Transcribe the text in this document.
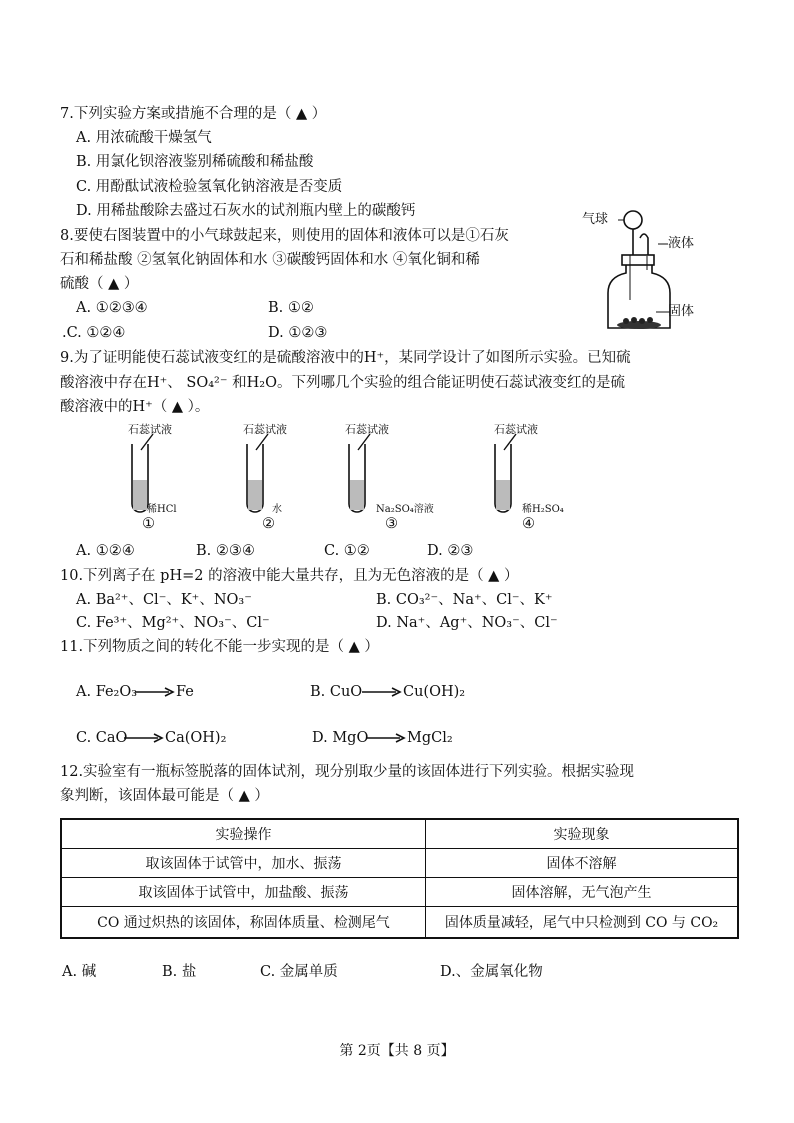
7.下列实验方案或措施不合理的是（ ▲ ）
A. 用浓硫酸干燥氢气
B. 用氯化钡溶液鉴别稀硫酸和稀盐酸
C. 用酚酞试液检验氢氧化钠溶液是否变质
D. 用稀盐酸除去盛过石灰水的试剂瓶内壁上的碳酸钙
8.要使右图装置中的小气球鼓起来，则使用的固体和液体可以是①石灰
石和稀盐酸 ②氢氧化钠固体和水 ③碳酸钙固体和水 ④氧化铜和稀
硫酸（ ▲ ）
A. ①②③④	B. ①②
.C. ①②④	D. ①②③
气球
液体
固体
9.为了证明能使石蕊试液变红的是硫酸溶液中的H⁺，某同学设计了如图所示实验。已知硫
酸溶液中存在H⁺、 SO₄²⁻ 和H₂O。下列哪几个实验的组合能证明使石蕊试液变红的是硫
酸溶液中的H⁺（ ▲ ）。
石蕊试液
稀HCl
①
石蕊试液
水
②
石蕊试液
Na₂SO₄溶液
③
石蕊试液
稀H₂SO₄
④
A. ①②④	B. ②③④	C. ①②	D. ②③
10.下列离子在 pH=2 的溶液中能大量共存，且为无色溶液的是（ ▲ ）
A. Ba²⁺、Cl⁻、K⁺、NO₃⁻	B. CO₃²⁻、Na⁺、Cl⁻、K⁺
C. Fe³⁺、Mg²⁺、NO₃⁻、Cl⁻	D. Na⁺、Ag⁺、NO₃⁻、Cl⁻
11.下列物质之间的转化不能一步实现的是（ ▲ ）
A. Fe₂O₃	Fe	B. CuO	Cu(OH)₂
C. CaO	Ca(OH)₂	D. MgO	MgCl₂
12.实验室有一瓶标签脱落的固体试剂，现分别取少量的该固体进行下列实验。根据实验现
象判断，该固体最可能是（ ▲ ）
实验操作	实验现象
取该固体于试管中，加水、振荡	固体不溶解
取该固体于试管中，加盐酸、振荡	固体溶解，无气泡产生
CO 通过炽热的该固体，称固体质量、检测尾气	固体质量减轻，尾气中只检测到 CO 与 CO₂
A. 碱	B. 盐	C. 金属单质	D.、金属氧化物
第 2页【共 8 页】
